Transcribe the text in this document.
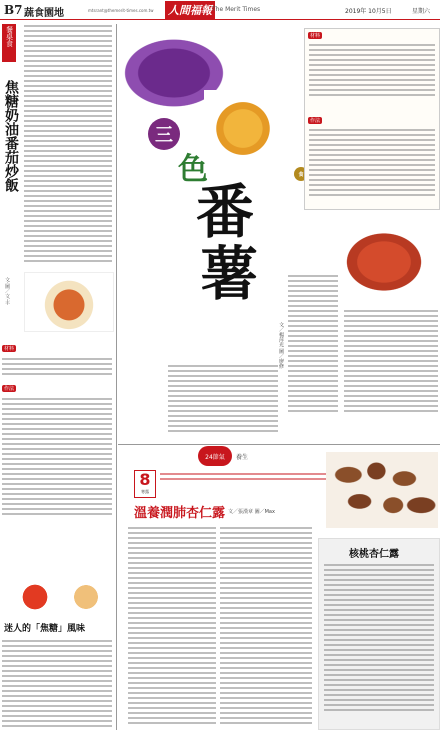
B7 蔬食園地	mtsrant@themerit-times.com.tw 人間福報 The Merit Times	2019年 10月5日	星期六
餐桌食
焦糖奶油番茄炒飯
文·圖／文·丰
材料
作法
迷人的「焦糖」風味
食
三
色
番
薯
文／楊萍光 圖／廖修
材料
作法
24節氣 養生
8
寒露
溫養潤肺杏仁露 文／張漢章 圖／Max
核桃杏仁露
